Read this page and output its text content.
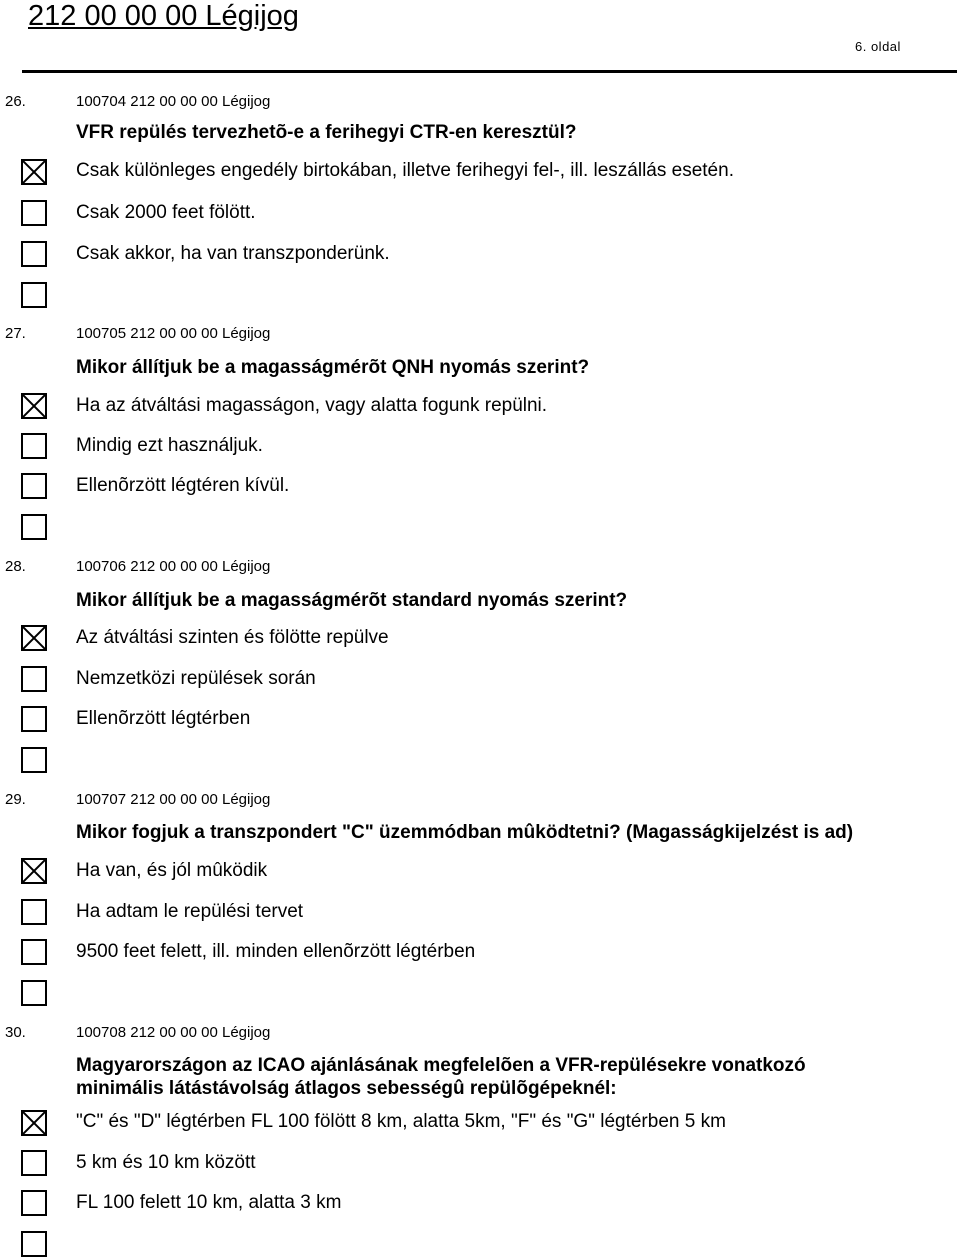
212 00 00 00 Légijog
6. oldal
26.	100704 212 00 00 00 Légijog
VFR repülés tervezhetõ-e a ferihegyi CTR-en keresztül?
Csak különleges engedély birtokában, illetve ferihegyi fel-, ill. leszállás esetén.
Csak 2000 feet fölött.
Csak akkor, ha van transzponderünk.
27.	100705 212 00 00 00 Légijog
Mikor állítjuk be a magasságmérõt QNH nyomás szerint?
Ha az átváltási magasságon, vagy alatta fogunk repülni.
Mindig ezt használjuk.
Ellenõrzött légtéren kívül.
28.	100706 212 00 00 00 Légijog
Mikor állítjuk be a magasságmérõt standard nyomás szerint?
Az átváltási szinten és fölötte repülve
Nemzetközi repülések során
Ellenõrzött légtérben
29.	100707 212 00 00 00 Légijog
Mikor fogjuk a transzpondert "C" üzemmódban mûködtetni? (Magasságkijelzést is ad)
Ha van, és jól mûködik
Ha adtam le repülési tervet
9500 feet felett, ill. minden ellenõrzött légtérben
30.	100708 212 00 00 00 Légijog
Magyarországon az ICAO ajánlásának megfelelõen a VFR-repülésekre vonatkozó minimális látástávolság átlagos sebességû repülõgépeknél:
"C" és "D" légtérben FL 100 fölött 8 km, alatta 5km, "F" és "G" légtérben 5 km
5 km és 10 km között
FL 100 felett 10 km, alatta 3 km
